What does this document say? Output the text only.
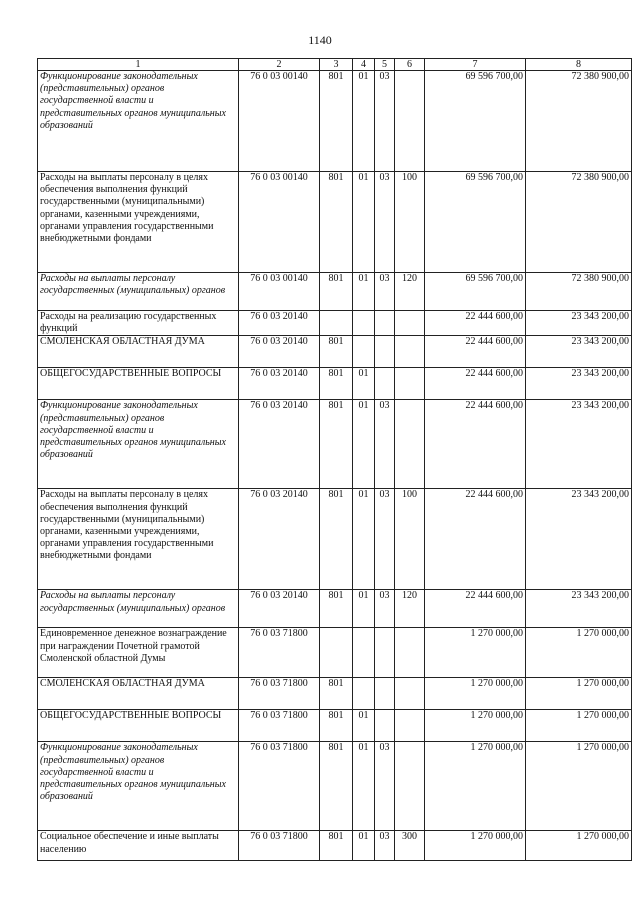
1140
1	2	3	4	5	6	7	8
Функционирование законодательных (представительных) органов государственной власти и представительных органов муниципальных образований	76 0 03 00140	801	01	03		69 596 700,00	72 380 900,00
Расходы на выплаты персоналу в целях обеспечения выполнения функций государственными (муниципальными) органами, казенными учреждениями, органами управления государственными внебюджетными фондами	76 0 03 00140	801	01	03	100	69 596 700,00	72 380 900,00
Расходы на выплаты персоналу государственных (муниципальных) органов	76 0 03 00140	801	01	03	120	69 596 700,00	72 380 900,00
Расходы на реализацию государственных функций	76 0 03 20140					22 444 600,00	23 343 200,00
СМОЛЕНСКАЯ ОБЛАСТНАЯ ДУМА	76 0 03 20140	801				22 444 600,00	23 343 200,00
ОБЩЕГОСУДАРСТВЕННЫЕ ВОПРОСЫ	76 0 03 20140	801	01			22 444 600,00	23 343 200,00
Функционирование законодательных (представительных) органов государственной власти и представительных органов муниципальных образований	76 0 03 20140	801	01	03		22 444 600,00	23 343 200,00
Расходы на выплаты персоналу в целях обеспечения выполнения функций государственными (муниципальными) органами, казенными учреждениями, органами управления государственными внебюджетными фондами	76 0 03 20140	801	01	03	100	22 444 600,00	23 343 200,00
Расходы на выплаты персоналу государственных (муниципальных) органов	76 0 03 20140	801	01	03	120	22 444 600,00	23 343 200,00
Единовременное денежное вознаграждение при награждении Почетной грамотой Смоленской областной Думы	76 0 03 71800					1 270 000,00	1 270 000,00
СМОЛЕНСКАЯ ОБЛАСТНАЯ ДУМА	76 0 03 71800	801				1 270 000,00	1 270 000,00
ОБЩЕГОСУДАРСТВЕННЫЕ ВОПРОСЫ	76 0 03 71800	801	01			1 270 000,00	1 270 000,00
Функционирование законодательных (представительных) органов государственной власти и представительных органов муниципальных образований	76 0 03 71800	801	01	03		1 270 000,00	1 270 000,00
Социальное обеспечение и иные выплаты населению	76 0 03 71800	801	01	03	300	1 270 000,00	1 270 000,00
